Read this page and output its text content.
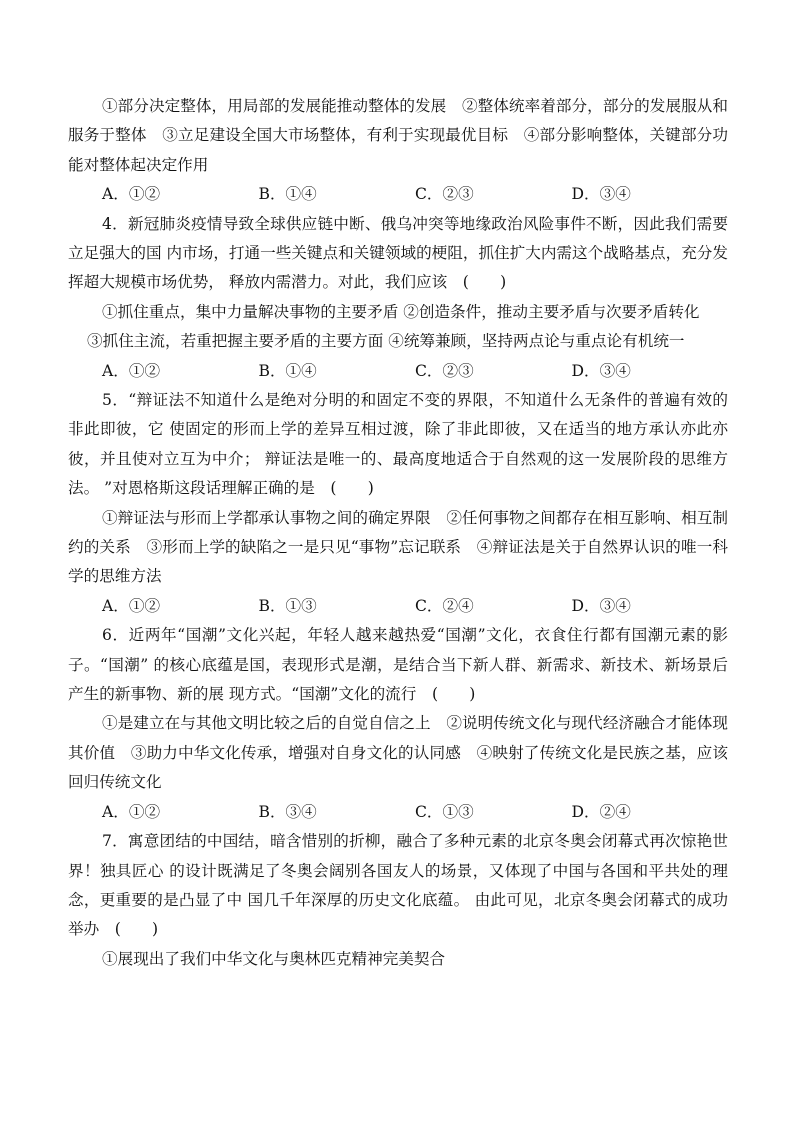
①部分决定整体，用局部的发展能推动整体的发展　②整体统率着部分，部分的发展服从和服务于整体　③立足建设全国大市场整体，有利于实现最优目标　④部分影响整体，关键部分功能对整体起决定作用

A．①②	B．①④	C．②③	D．③④

4．新冠肺炎疫情导致全球供应链中断、俄乌冲突等地缘政治风险事件不断，因此我们需要立足强大的国 内市场，打通一些关键点和关键领域的梗阻，抓住扩大内需这个战略基点，充分发挥超大规模市场优势， 释放内需潜力。对此，我们应该　(　　)

①抓住重点，集中力量解决事物的主要矛盾 ②创造条件，推动主要矛盾与次要矛盾转化

③抓住主流，若重把握主要矛盾的主要方面 ④统筹兼顾，坚持两点论与重点论有机统一

A．①②	B．①④	C．②③	D．③④

5．“辩证法不知道什么是绝对分明的和固定不变的界限，不知道什么无条件的普遍有效的非此即彼，它 使固定的形而上学的差异互相过渡，除了非此即彼，又在适当的地方承认亦此亦彼，并且使对立互为中介； 辩证法是唯一的、最高度地适合于自然观的这一发展阶段的思维方法。 ”对恩格斯这段话理解正确的是　(　　)

①辩证法与形而上学都承认事物之间的确定界限　②任何事物之间都存在相互影响、相互制约的关系　③形而上学的缺陷之一是只见“事物”忘记联系　④辩证法是关于自然界认识的唯一科学的思维方法

A．①②	B．①③	C．②④	D．③④

6．近两年“国潮”文化兴起，年轻人越来越热爱“国潮”文化，衣食住行都有国潮元素的影子。“国潮” 的核心底蕴是国，表现形式是潮，是结合当下新人群、新需求、新技术、新场景后产生的新事物、新的展 现方式。“国潮”文化的流行　(　　)

①是建立在与其他文明比较之后的自觉自信之上　②说明传统文化与现代经济融合才能体现其价值　③助力中华文化传承，增强对自身文化的认同感　④映射了传统文化是民族之基，应该回归传统文化

A．①②	B．③④	C．①③	D．②④

7．寓意团结的中国结，暗含惜别的折柳，融合了多种元素的北京冬奥会闭幕式再次惊艳世界！独具匠心 的设计既满足了冬奥会阔别各国友人的场景，又体现了中国与各国和平共处的理念，更重要的是凸显了中 国几千年深厚的历史文化底蕴。 由此可见，北京冬奥会闭幕式的成功举办　(　　)

①展现出了我们中华文化与奥林匹克精神完美契合
